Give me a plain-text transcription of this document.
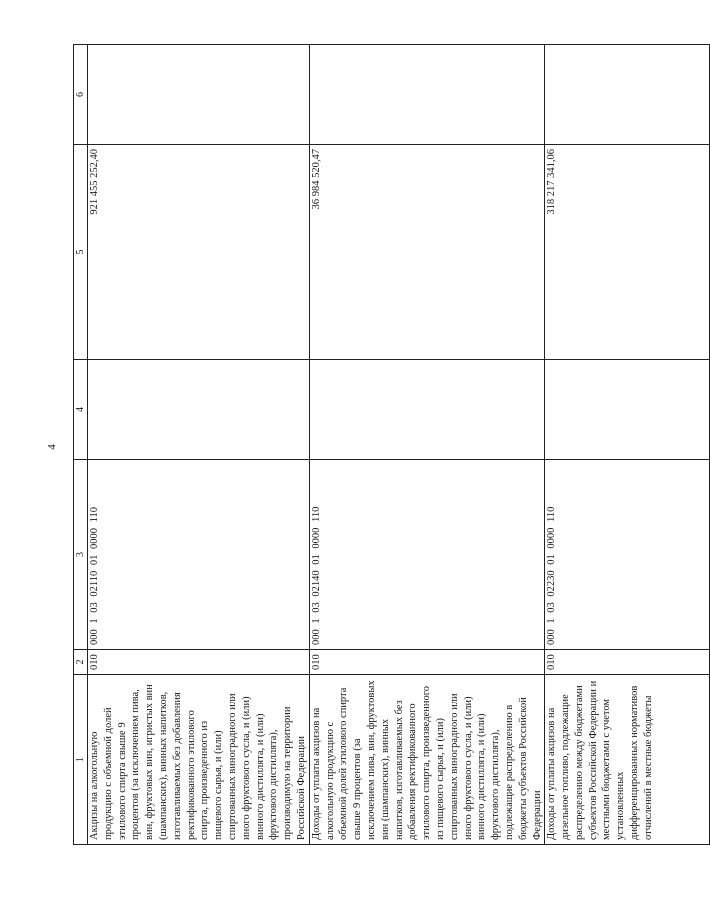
4
1	2	3	4	5	6
Акцизы на алкогольную продукцию с объемной долей этилового спирта свыше 9 процентов (за исключением пива, вин, фруктовых вин, игристых вин (шампанских), винных напитков, изготавливаемых без добавления ректификованного этилового спирта, произведенного из пищевого сырья, и (или) спиртованных виноградного или иного фруктового сусла, и (или) винного дистиллята, и (или) фруктового дистиллята), производимую на территории Российской Федерации	010	000 1 03 02110 01 0000 110		921 455 252,40	
Доходы от уплаты акцизов на алкогольную продукцию с объемной долей этилового спирта свыше 9 процентов (за исключением пива, вин, фруктовых вин (шампанских), винных напитков, изготавливаемых без добавления ректификованного этилового спирта, произведенного из пищевого сырья, и (или) спиртованных виноградного или иного фруктового сусла, и (или) винного дистиллята, и (или) фруктового дистиллята), подлежащие распределению в бюджеты субъектов Российской Федерации	010	000 1 03 02140 01 0000 110		36 984 520,47	
Доходы от уплаты акцизов на дизельное топливо, подлежащие распределению между бюджетами субъектов Российской Федерации и местными бюджетами с учетом установленных дифференцированных нормативов отчислений в местные бюджеты	010	000 1 03 02230 01 0000 110		318 217 341,06	
